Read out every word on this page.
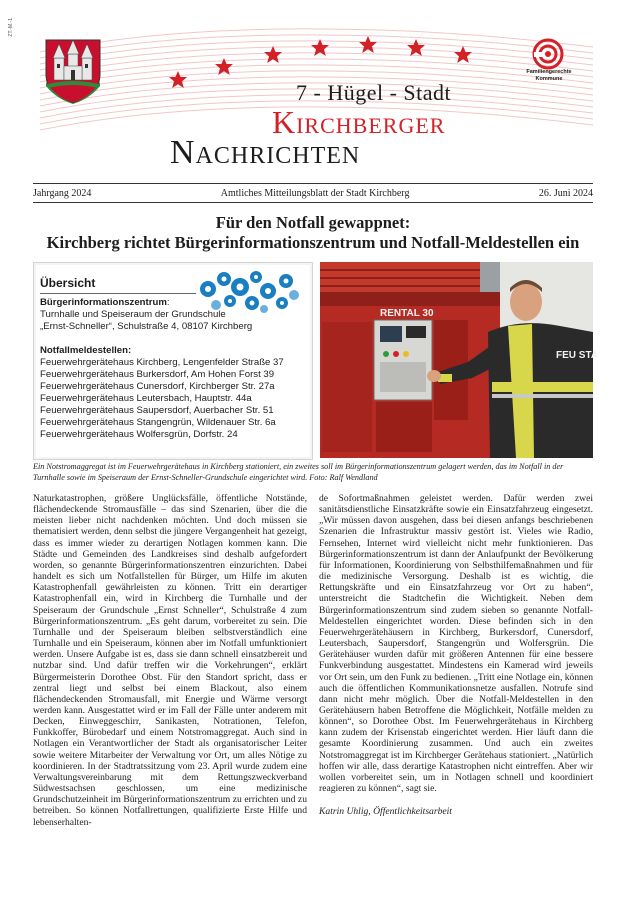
ZT.-M.-1
7 - Hügel - Stadt
Kirchberger
Nachrichten
Familiengerechte Kommune
Jahrgang 2024	Amtliches Mitteilungsblatt der Stadt Kirchberg	26. Juni 2024
Für den Notfall gewappnet:
Kirchberg richtet Bürgerinformationszentrum und Notfall-Meldestellen ein
Übersicht

Bürgerinformationszentrum:

Turnhalle und Speiseraum der Grundschule

„Ernst-Schneller“, Schulstraße 4, 08107 Kirchberg

Notfallmeldestellen:

Feuerwehrgerätehaus Kirchberg, Lengenfelder Straße 37

Feuerwehrgerätehaus Burkersdorf, Am Hohen Forst 39

Feuerwehrgerätehaus Cunersdorf, Kirchberger Str. 27a

Feuerwehrgerätehaus Leutersbach, Hauptstr. 44a

Feuerwehrgerätehaus Saupersdorf, Auerbacher Str. 51

Feuerwehrgerätehaus Stangengrün, Wildenauer Str. 6a

Feuerwehrgerätehaus Wolfersgrün, Dorfstr. 24

RENTAL 30
FEU STA
Ein Notstromaggregat ist im Feuerwehrgerätehaus in Kirchberg stationiert, ein zweites soll im Bürgerinformationszentrum gelagert werden, das im Notfall in der Turnhalle sowie im Speiseraum der Ernst-Schneller-Grundschule eingerichtet wird. Foto: Ralf Wendland

Naturkatastrophen, größere Unglücksfälle, öffentliche Notstände, flächendeckende Stromausfälle – das sind Szenarien, über die die meisten lieber nicht nachdenken möchten. Und doch müssen sie thematisiert werden, denn selbst die jüngere Vergangenheit hat gezeigt, dass es immer wieder zu derartigen Notlagen kommen kann. Die Städte und Gemeinden des Landkreises sind deshalb aufgefordert worden, so genannte Bürgerinformationszentren einzurichten. Dabei handelt es sich um Notfallstellen für Bürger, um Hilfe im akuten Katastrophenfall gewährleisten zu können. Tritt ein derartiger Katastrophenfall ein, wird in Kirchberg die Turnhalle und der Speiseraum der Grundschule „Ernst Schneller“, Schulstraße 4 zum Bürgerinformationszentrum. „Es geht darum, vorbereitet zu sein. Die Turnhalle und der Speiseraum bleiben selbstverständlich eine Turnhalle und ein Speiseraum, können aber im Notfall umfunktioniert werden. Unsere Aufgabe ist es, dass sie dann schnell einsatzbereit und nutzbar sind. Und dafür treffen wir die Vorkehrungen“, erklärt Bürgermeisterin Dorothee Obst. Für den Standort spricht, dass er zentral liegt und selbst bei einem Blackout, also einem flächendeckenden Stromausfall, mit Energie und Wärme versorgt werden kann. Ausgestattet wird er im Fall der Fälle unter anderem mit Decken, Einweggeschirr, Sanikasten, Notrationen, Telefon, Funkkoffer, Bürobedarf und einem Notstromaggregat. Auch sind in Notlagen ein Verantwortlicher der Stadt als organisatorischer Leiter sowie weitere Mitarbeiter der Verwaltung vor Ort, um alles Nötige zu koordinieren. In der Stadtratssitzung vom 23. April wurde zudem eine Verwaltungsvereinbarung mit dem Rettungszweckverband Südwestsachsen geschlossen, um eine medizinische Grundschutzeinheit im Bürgerinformationszentrum zu errichten und zu betreiben. So können Notfallrettungen, qualifizierte Erste Hilfe und lebenserhalten-

de Sofortmaßnahmen geleistet werden. Dafür werden zwei sanitätsdienstliche Einsatzkräfte sowie ein Einsatzfahrzeug eingesetzt. „Wir müssen davon ausgehen, dass bei diesen anfangs beschriebenen Szenarien die Infrastruktur massiv gestört ist. Vieles wie Radio, Fernsehen, Internet wird vielleicht nicht mehr funktionieren. Das Bürgerinformationszentrum ist dann der Anlaufpunkt der Bevölkerung für Informationen, Koordinierung von Selbsthilfemaßnahmen und für die medizinische Versorgung. Deshalb ist es wichtig, die Rettungskräfte und ein Einsatzfahrzeug vor Ort zu haben“, unterstreicht die Stadtchefin die Wichtigkeit. Neben dem Bürgerinformationszentrum sind zudem sieben so genannte Notfall-Meldestellen eingerichtet worden. Diese befinden sich in den Feuerwehrgerätehäusern in Kirchberg, Burkersdorf, Cunersdorf, Leutersbach, Saupersdorf, Stangengrün und Wolfersgrün. Die Gerätehäuser wurden dafür mit größeren Antennen für eine bessere Funkverbindung ausgestattet. Mindestens ein Kamerad wird jeweils vor Ort sein, um den Funk zu bedienen. „Tritt eine Notlage ein, können auch die öffentlichen Kommunikationsnetze ausfallen. Notrufe sind dann nicht mehr möglich. Über die Notfall-Meldestellen in den Gerätehäusern haben Betroffene die Möglichkeit, Notfälle melden zu können“, so Dorothee Obst. Im Feuerwehrgerätehaus in Kirchberg kann zudem der Krisenstab eingerichtet werden. Hier läuft dann die gesamte Koordinierung zusammen. Und auch ein zweites Notstromaggregat ist im Kirchberger Gerätehaus stationiert. „Natürlich hoffen wir alle, dass derartige Katastrophen nicht eintreffen. Aber wir wollen vorbereitet sein, um in Notlagen schnell und koordiniert reagieren zu können“, sagt sie.

Katrin Uhlig, Öffentlichkeitsarbeit
